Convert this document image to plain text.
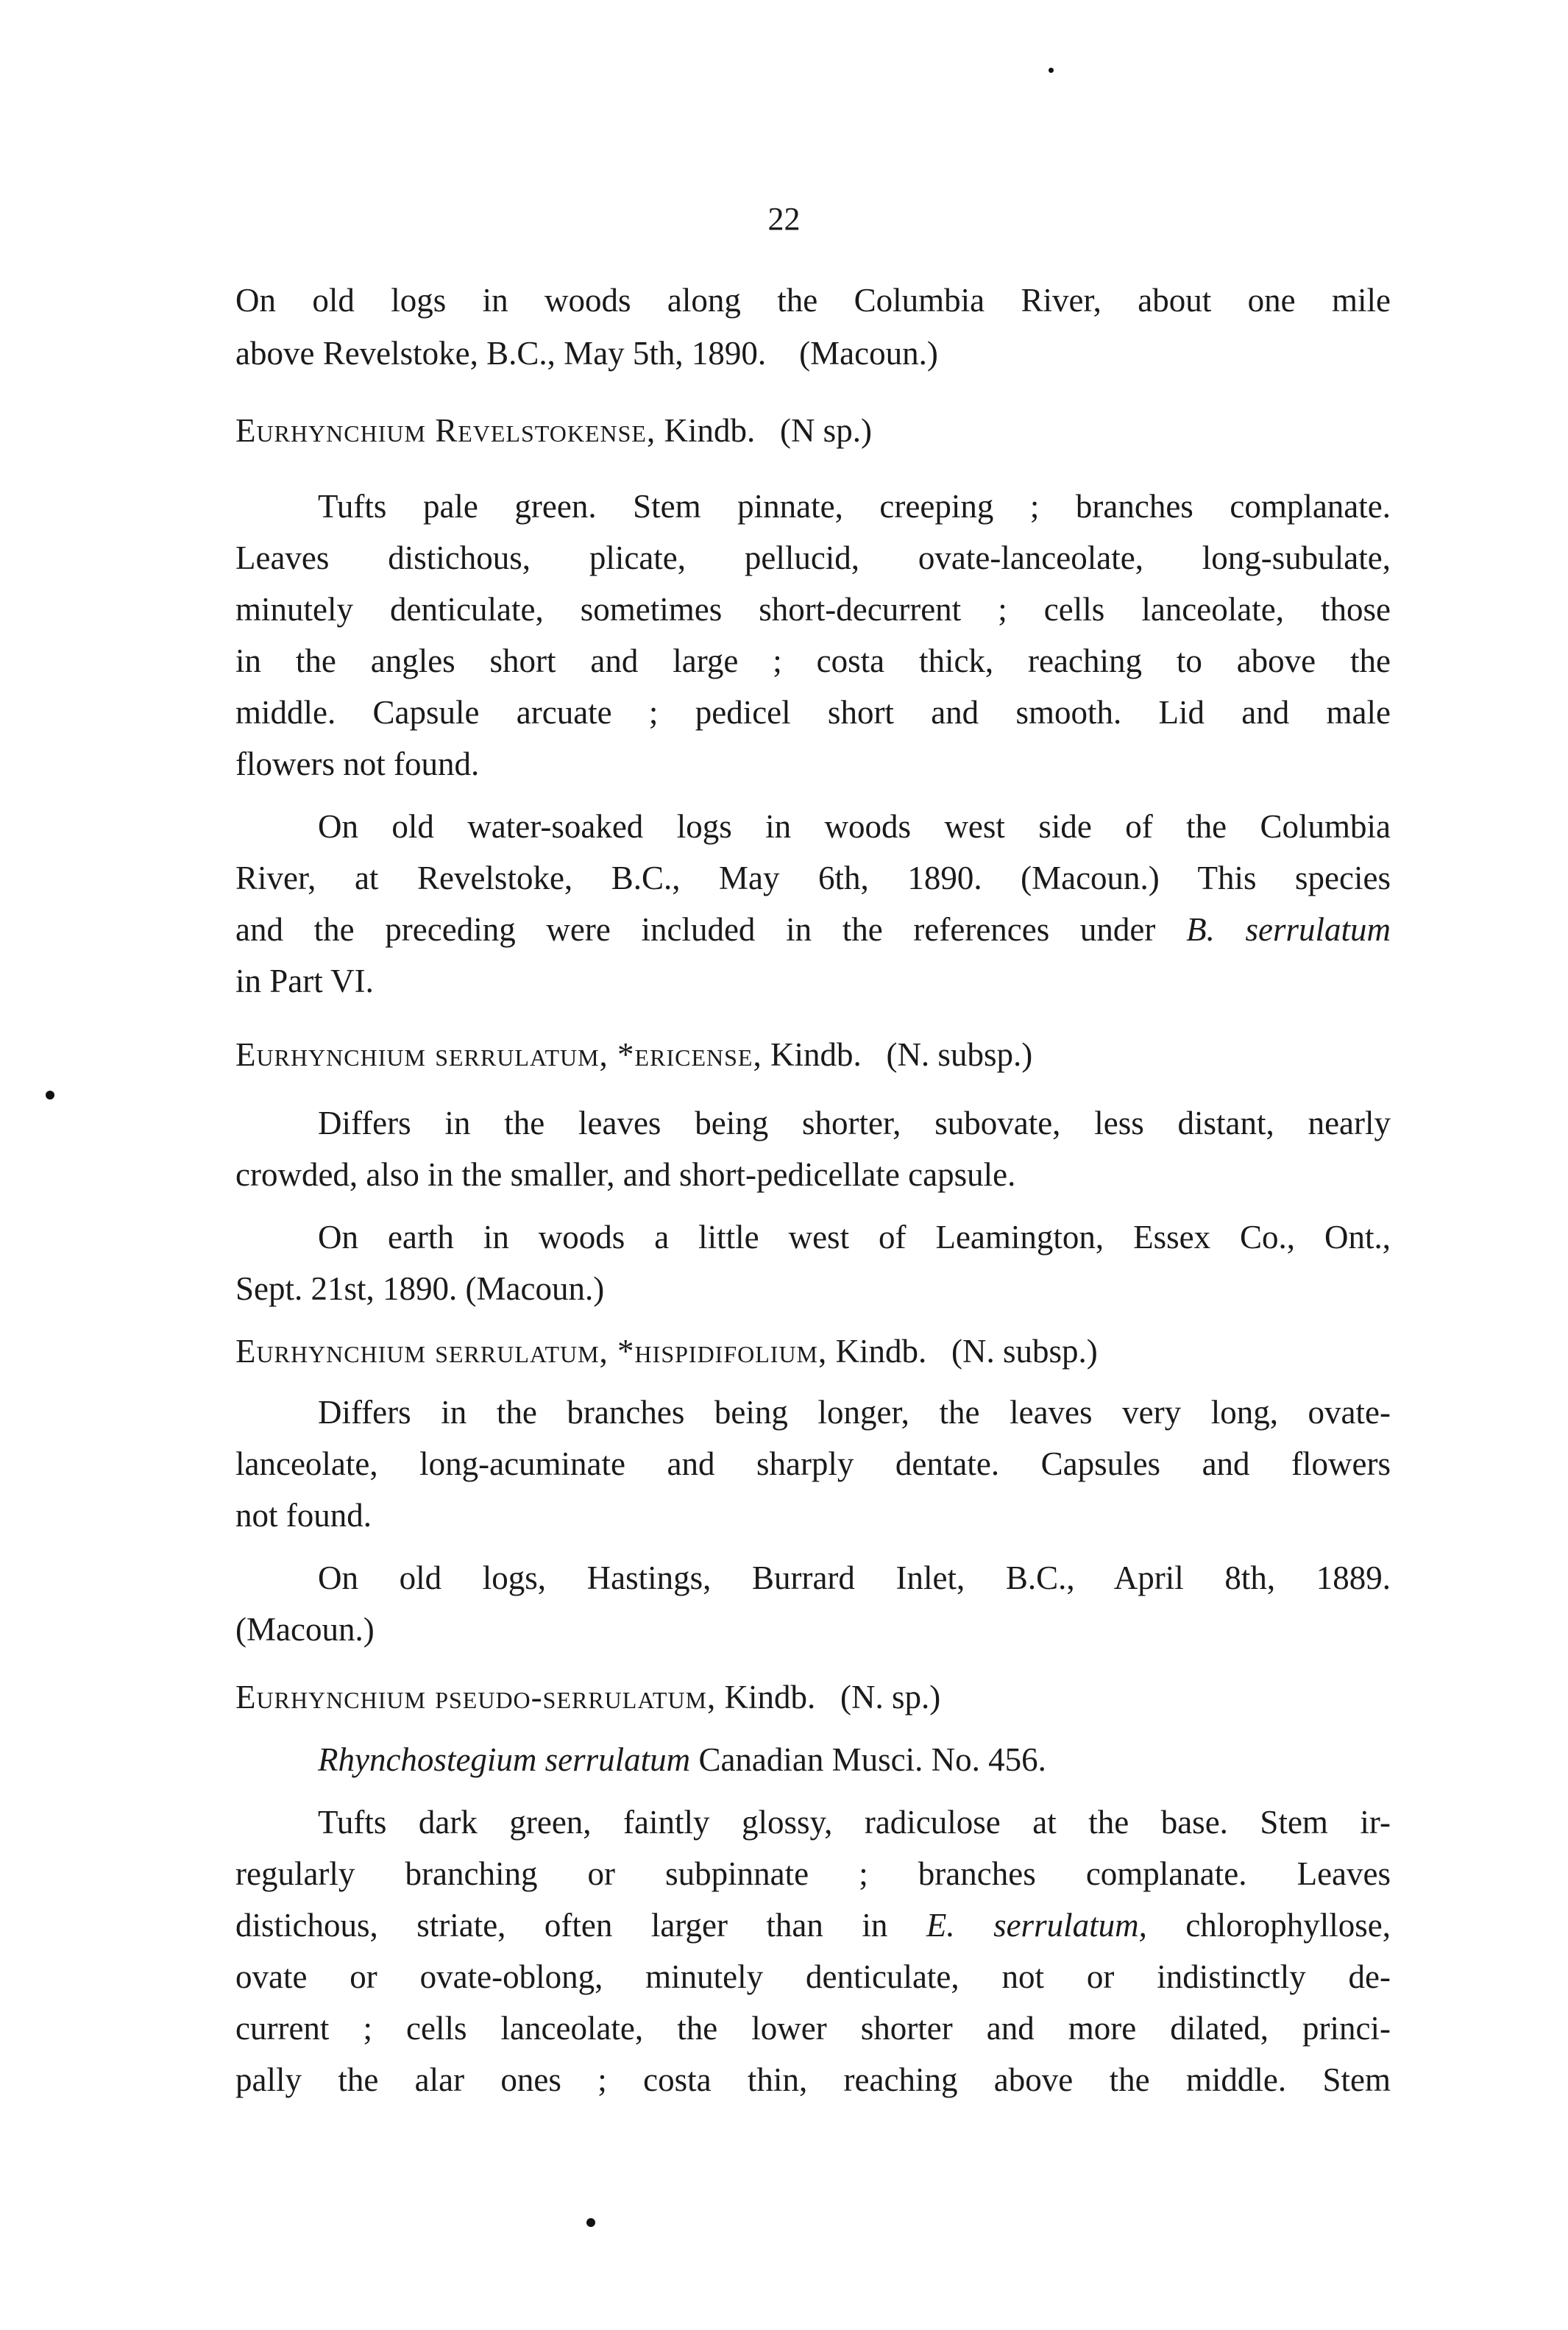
22
On old logs in woods along the Columbia River, about one mile
above Revelstoke, B.C., May 5th, 1890. (Macoun.)
Eurhynchium Revelstokense, Kindb. (N sp.)
Tufts pale green. Stem pinnate, creeping ; branches complanate.
Leaves distichous, plicate, pellucid, ovate-lanceolate, long-subulate,
minutely denticulate, sometimes short-decurrent ; cells lanceolate, those
in the angles short and large ; costa thick, reaching to above the
middle. Capsule arcuate ; pedicel short and smooth. Lid and male
flowers not found.
On old water-soaked logs in woods west side of the Columbia
River, at Revelstoke, B.C., May 6th, 1890. (Macoun.) This species
and the preceding were included in the references under B. serrulatum
in Part VI.
Eurhynchium serrulatum, *ericense, Kindb. (N. subsp.)
Differs in the leaves being shorter, subovate, less distant, nearly
crowded, also in the smaller, and short-pedicellate capsule.
On earth in woods a little west of Leamington, Essex Co., Ont.,
Sept. 21st, 1890. (Macoun.)
Eurhynchium serrulatum, *hispidifolium, Kindb. (N. subsp.)
Differs in the branches being longer, the leaves very long, ovate-
lanceolate, long-acuminate and sharply dentate. Capsules and flowers
not found.
On old logs, Hastings, Burrard Inlet, B.C., April 8th, 1889.
(Macoun.)
Eurhynchium pseudo-serrulatum, Kindb. (N. sp.)
Rhynchostegium serrulatum Canadian Musci. No. 456.
Tufts dark green, faintly glossy, radiculose at the base. Stem ir-
regularly branching or subpinnate ; branches complanate. Leaves
distichous, striate, often larger than in E. serrulatum, chlorophyllose,
ovate or ovate-oblong, minutely denticulate, not or indistinctly de-
current ; cells lanceolate, the lower shorter and more dilated, princi-
pally the alar ones ; costa thin, reaching above the middle. Stem
